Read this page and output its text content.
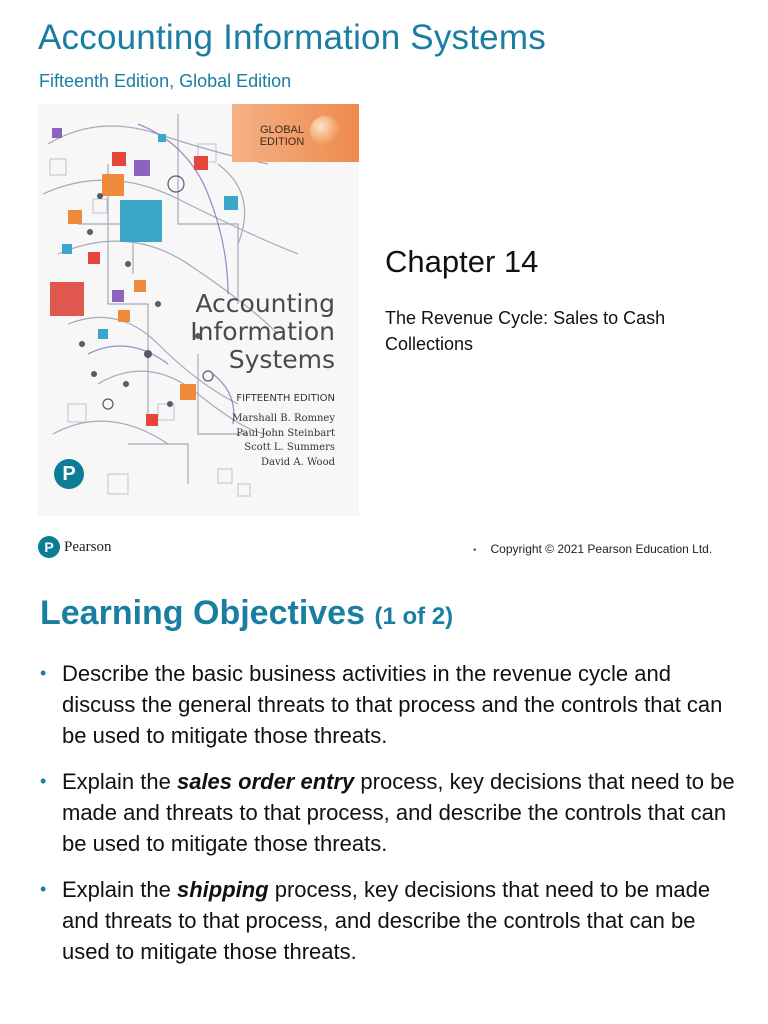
Accounting Information Systems

Fifteenth Edition, Global Edition

GLOBAL
EDITION
Accounting
Information
Systems
FIFTEENTH EDITION
Marshall B. Romney
Paul John Steinbart
Scott L. Summers
David A. Wood
P
Chapter 14

The Revenue Cycle: Sales to Cash Collections

P Pearson	• Copyright © 2021 Pearson Education Ltd.
Learning Objectives (1 of 2)
• Describe the basic business activities in the revenue cycle and discuss the general threats to that process and the controls that can be used to mitigate those threats.
• Explain the sales order entry process, key decisions that need to be made and threats to that process, and describe the controls that can be used to mitigate those threats.
• Explain the shipping process, key decisions that need to be made and threats to that process, and describe the controls that can be used to mitigate those threats.
